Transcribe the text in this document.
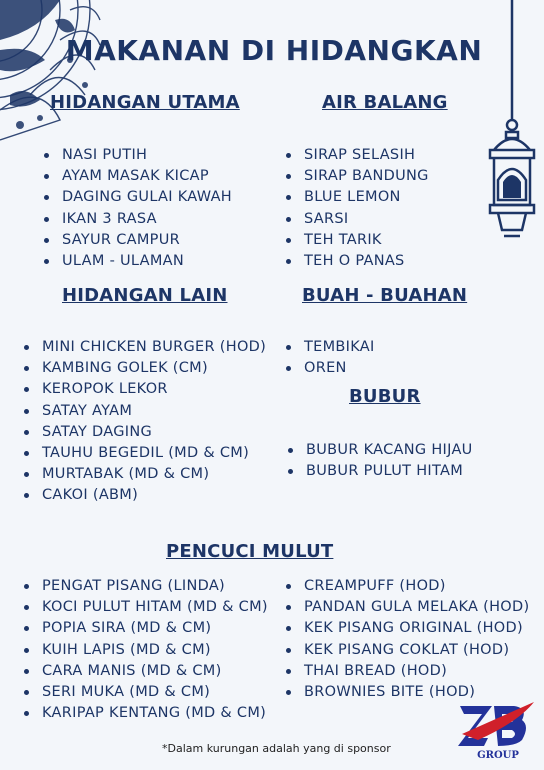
MAKANAN DI HIDANGKAN
HIDANGAN UTAMA
NASI PUTIH
AYAM MASAK KICAP
DAGING GULAI KAWAH
IKAN 3 RASA
SAYUR CAMPUR
ULAM - ULAMAN
AIR BALANG
SIRAP SELASIH
SIRAP BANDUNG
BLUE LEMON
SARSI
TEH TARIK
TEH O PANAS
HIDANGAN LAIN
MINI CHICKEN BURGER (HOD)
KAMBING GOLEK (CM)
KEROPOK LEKOR
SATAY AYAM
SATAY DAGING
TAUHU BEGEDIL (MD & CM)
MURTABAK (MD & CM)
CAKOI (ABM)
BUAH - BUAHAN
TEMBIKAI
OREN
BUBUR
BUBUR KACANG HIJAU
BUBUR PULUT HITAM
PENCUCI MULUT
PENGAT PISANG (LINDA)
KOCI PULUT HITAM (MD & CM)
POPIA SIRA (MD & CM)
KUIH LAPIS (MD & CM)
CARA MANIS (MD & CM)
SERI MUKA (MD & CM)
KARIPAP KENTANG (MD & CM)
CREAMPUFF (HOD)
PANDAN GULA MELAKA (HOD)
KEK PISANG ORIGINAL (HOD)
KEK PISANG COKLAT (HOD)
THAI BREAD (HOD)
BROWNIES BITE (HOD)
*Dalam kurungan adalah yang di sponsor
GROUP
